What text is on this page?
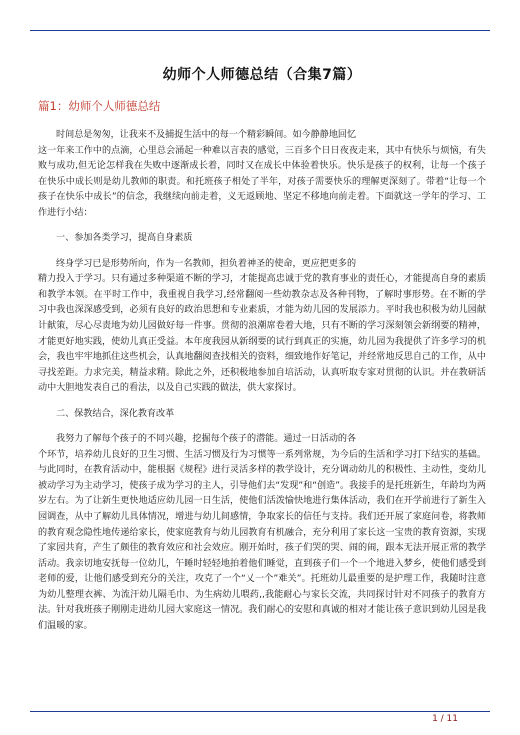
幼师个人师德总结（合集7篇）
篇1：幼师个人师德总结

时间总是匆匆，让我来不及捕捉生活中的每一个精彩瞬间。如今静静地回忆

这一年来工作中的点滴，心里总会涌起一种难以言表的感觉，三百多个日日夜夜走来，其中有快乐与烦恼，有失败与成功,但无论怎样我在失败中逐渐成长着，同时又在成长中体验着快乐。快乐是孩子的权利，让每一个孩子在快乐中成长则是幼儿教师的职责。和托班孩子相处了半年，对孩子需要快乐的理解更深刻了。带着“让每一个孩子在快乐中成长”的信念，我继续向前走着，义无返顾地、坚定不移地向前走着。下面就这一学年的学习、工作进行小结：

一、参加各类学习，提高自身素质

终身学习已是形势所向，作为一名教师，担负着神圣的使命，更应把更多的

精力投入于学习。只有通过多种渠道不断的学习，才能提高忠诚于党的教育事业的责任心，才能提高自身的素质和教学本领。在平时工作中，我重视自我学习,经常翻阅一些幼教杂志及各种刊物，了解时事形势。在不断的学习中我也深深感受到，必须有良好的政治思想和专业素质，才能为幼儿园的发展添力。平时我也积极为幼儿园献计献策，尽心尽责地为幼儿园做好每一件事。贯彻的浪潮席卷着大地，只有不断的学习深刻领会新纲要的精神，才能更好地实践，使幼儿真正受益。本年度我园从新纲要的试行到真正的实施，幼儿园为我提供了许多学习的机会，我也牢牢地抓住这些机会，认真地翻阅查找相关的资料，细致地作好笔记，并经常地反思自己的工作，从中寻找差距。力求完美，精益求精。除此之外，还积极地参加自培活动，认真听取专家对贯彻的认识。并在教研活动中大胆地发表自己的看法，以及自己实践的做法，供大家探讨。

二、保教结合，深化教育改革

我努力了解每个孩子的不同兴趣，挖掘每个孩子的潜能。通过一日活动的各

个环节，培养幼儿良好的卫生习惯、生活习惯及行为习惯等一系列常规，为今后的生活和学习打下结实的基础。与此同时，在教育活动中，能根据《规程》进行灵活多样的教学设计，充分调动幼儿的积极性、主动性，变幼儿被动学习为主动学习，使孩子成为学习的主人，引导他们去“发现”和“创造”。我接手的是托班新生，年龄均为两岁左右。为了让新生更快地适应幼儿园一日生活，使他们活泼愉快地进行集体活动，我们在开学前进行了新生入园调查，从中了解幼儿具体情况，增进与幼儿间感情，争取家长的信任与支持。我们还开展了家庭问卷，将教师的教育观念隐性地传递给家长，使家庭教育与幼儿园教育有机融合，充分利用了家长这一宝贵的教育资源，实现了家园共育，产生了颇佳的教育效应和社会效应。刚开始时，孩子们哭的哭、闹的闹，跟本无法开展正常的教学活动。我亲切地安抚每一位幼儿，午睡时轻轻地拍着他们睡觉，直到孩子们一个一个地进入梦乡，使他们感受到老师的爱，让他们感受到充分的关注，攻克了一个“乂一个”难关”。托班幼儿最重要的是护理工作，我随时注意为幼儿整理衣裤、为流汗幼儿隔毛巾、为生病幼儿喂药,,我能耐心与家长交流，共同探讨针对不同孩子的教育方法。针对我班孩子刚刚走进幼儿园大家庭这一情况。我们耐心的安慰和真诚的相对才能让孩子意识到幼儿园是我们温暖的家。

1 / 11
